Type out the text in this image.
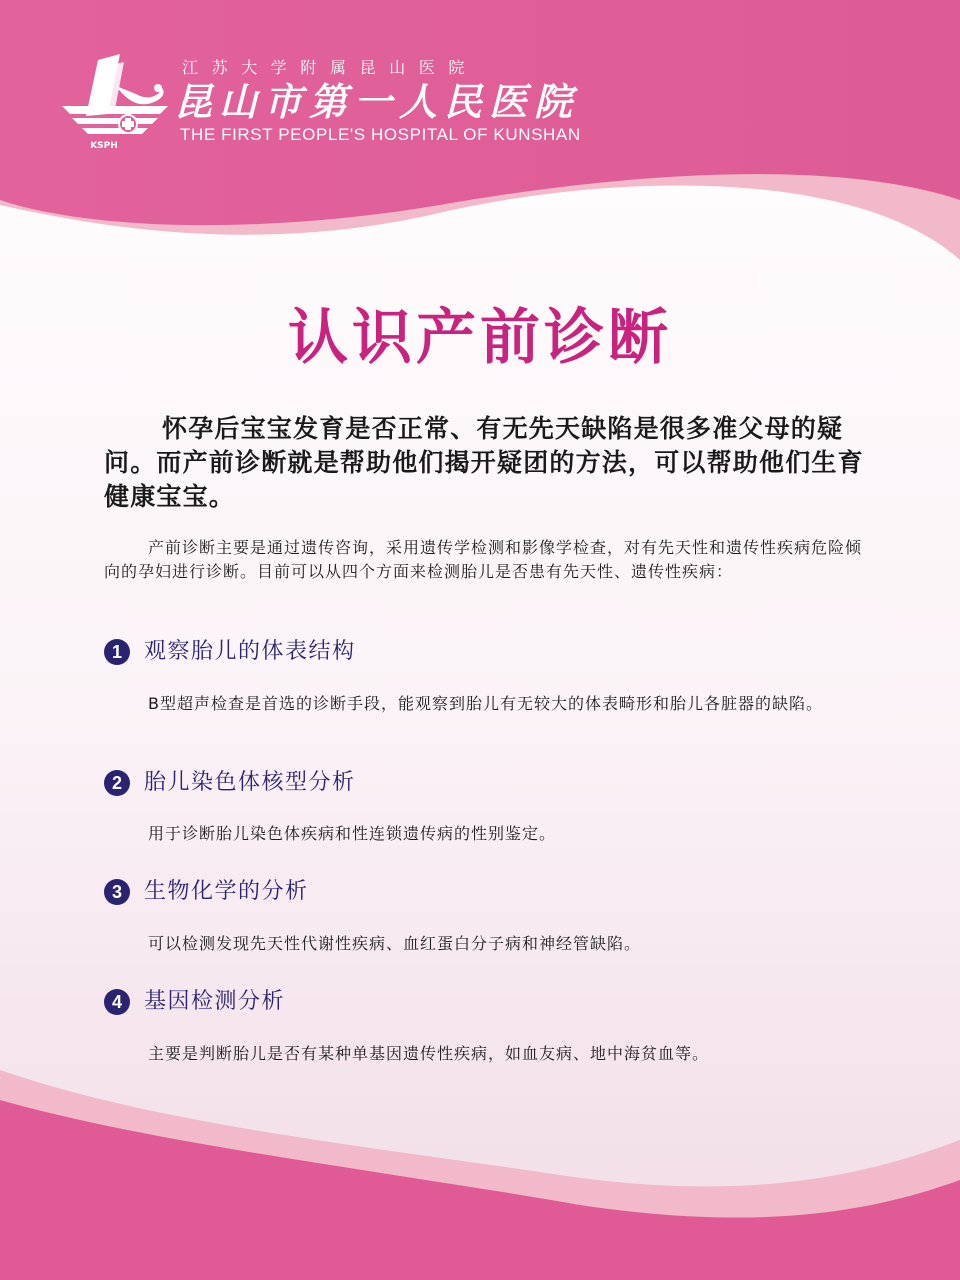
KSPH
江苏大学附属昆山医院
昆山市第一人民医院
THE FIRST PEOPLE'S HOSPITAL OF KUNSHAN
认识产前诊断
怀孕后宝宝发育是否正常、有无先天缺陷是很多准父母的疑问。而产前诊断就是帮助他们揭开疑团的方法，可以帮助他们生育健康宝宝。
产前诊断主要是通过遗传咨询，采用遗传学检测和影像学检查，对有先天性和遗传性疾病危险倾向的孕妇进行诊断。目前可以从四个方面来检测胎儿是否患有先天性、遗传性疾病：
1	观察胎儿的体表结构
B型超声检查是首选的诊断手段，能观察到胎儿有无较大的体表畸形和胎儿各脏器的缺陷。
2	胎儿染色体核型分析
用于诊断胎儿染色体疾病和性连锁遗传病的性别鉴定。
3	生物化学的分析
可以检测发现先天性代谢性疾病、血红蛋白分子病和神经管缺陷。
4	基因检测分析
主要是判断胎儿是否有某种单基因遗传性疾病，如血友病、地中海贫血等。
